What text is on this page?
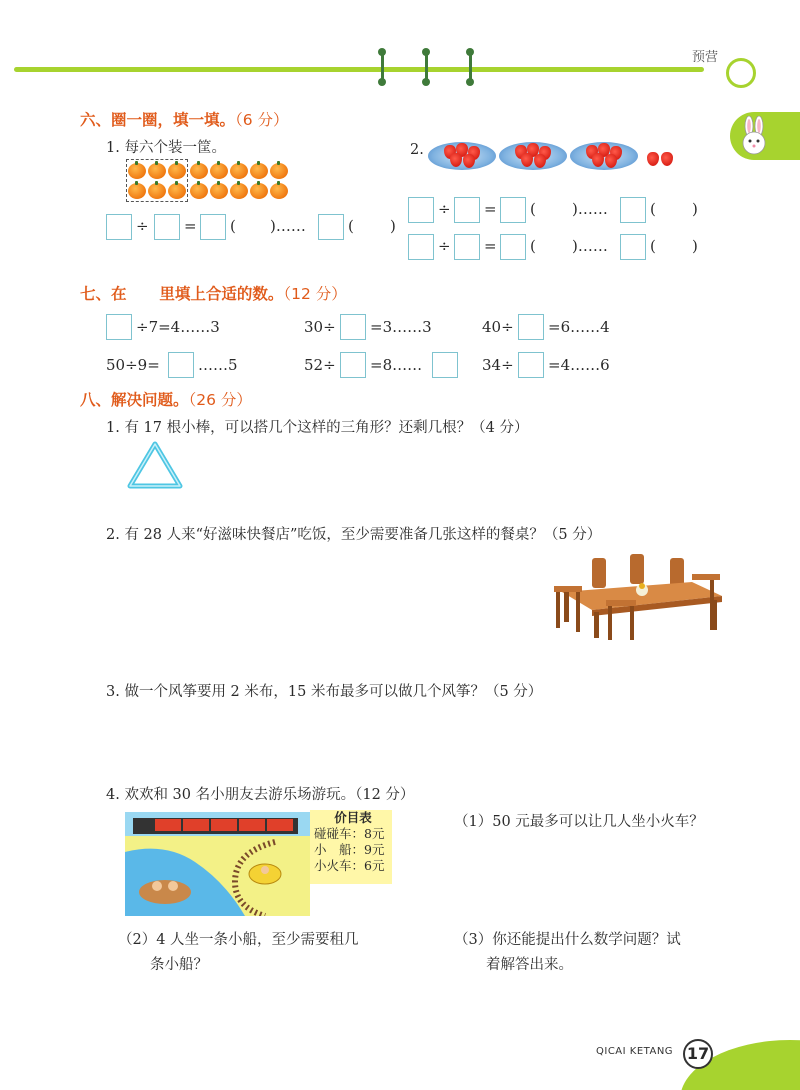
预营
六、圈一圈，填一填。（6 分）
1. 每六个装一筐。	2.
÷ = ( )……	( )
÷ = ( )……	( )
÷ = ( )……	( )
七、在 里填上合适的数。（12 分）
÷7=4……3	30÷ =3……3	40÷ =6……4
50÷9=	……5	52÷ =8……	34÷ =4……6
八、解决问题。（26 分）
1. 有 17 根小棒，可以搭几个这样的三角形？还剩几根？（4 分）
2. 有 28 人来“好滋味快餐店”吃饭，至少需要准备几张这样的餐桌？（5 分）
3. 做一个风筝要用 2 米布，15 米布最多可以做几个风筝？（5 分）
4. 欢欢和 30 名小朋友去游乐场游玩。（12 分）
价目表
碰碰车：8元
小　船：9元
小火车：6元
（1）50 元最多可以让几人坐小火车？
（2）4 人坐一条小船，至少需要租几
条小船？
（3）你还能提出什么数学问题？试
着解答出来。
QICAI KETANG 17
